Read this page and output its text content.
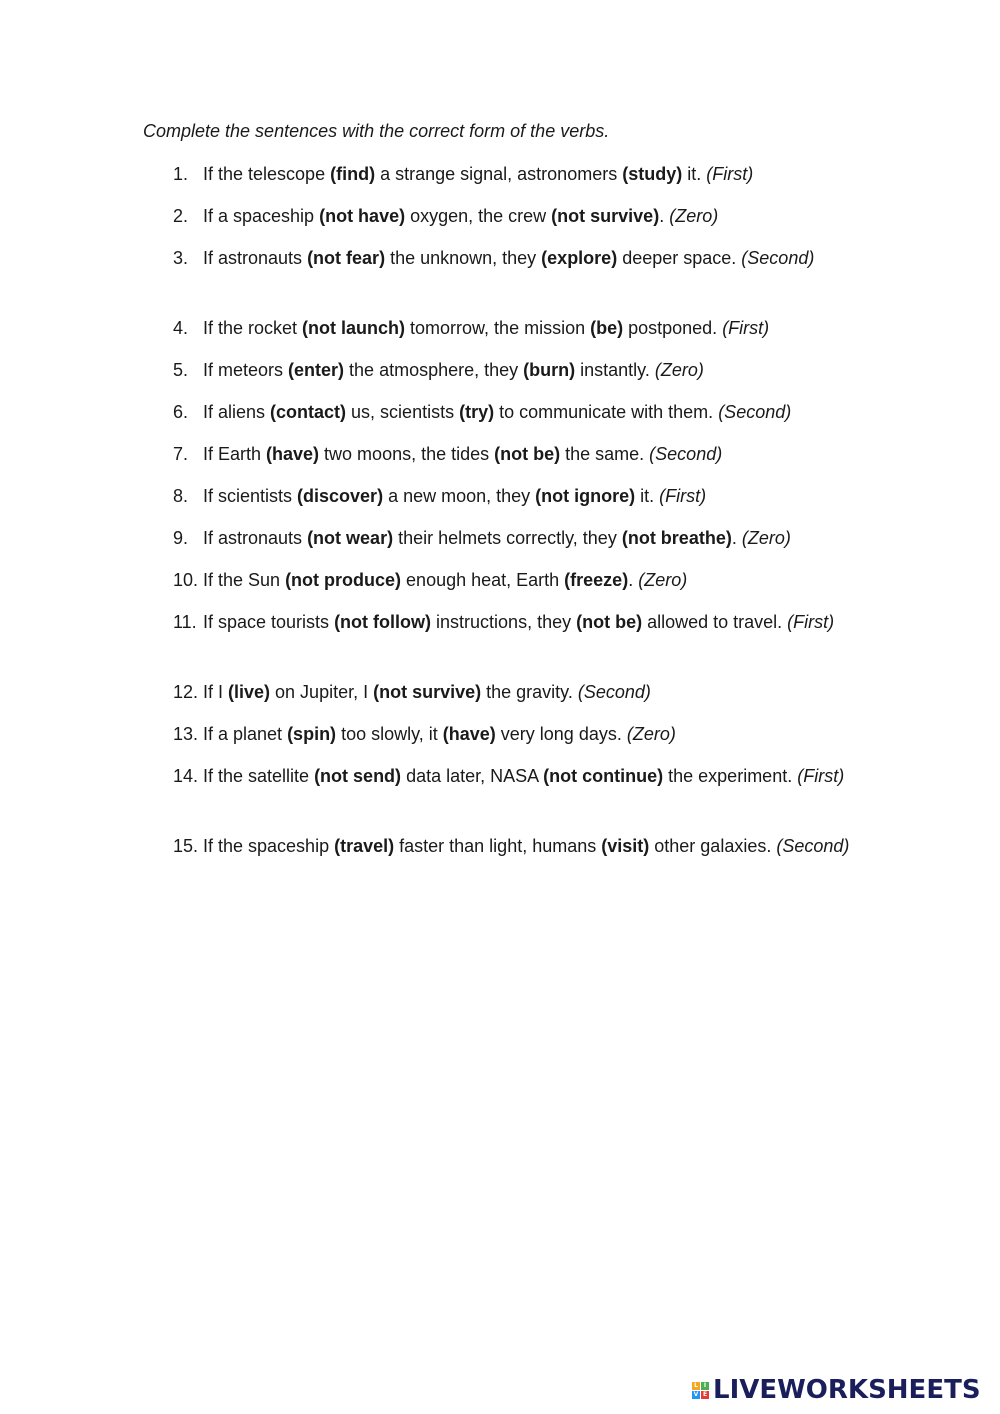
Complete the sentences with the correct form of the verbs.
1. If the telescope (find) a strange signal, astronomers (study) it. (First)
2. If a spaceship (not have) oxygen, the crew (not survive). (Zero)
3. If astronauts (not fear) the unknown, they (explore) deeper space. (Second)
4. If the rocket (not launch) tomorrow, the mission (be) postponed. (First)
5. If meteors (enter) the atmosphere, they (burn) instantly. (Zero)
6. If aliens (contact) us, scientists (try) to communicate with them. (Second)
7. If Earth (have) two moons, the tides (not be) the same. (Second)
8. If scientists (discover) a new moon, they (not ignore) it. (First)
9. If astronauts (not wear) their helmets correctly, they (not breathe). (Zero)
10. If the Sun (not produce) enough heat, Earth (freeze). (Zero)
11. If space tourists (not follow) instructions, they (not be) allowed to travel. (First)
12. If I (live) on Jupiter, I (not survive) the gravity. (Second)
13. If a planet (spin) too slowly, it (have) very long days. (Zero)
14. If the satellite (not send) data later, NASA (not continue) the experiment. (First)
15. If the spaceship (travel) faster than light, humans (visit) other galaxies. (Second)
L I
V E LIVEWORKSHEETS
